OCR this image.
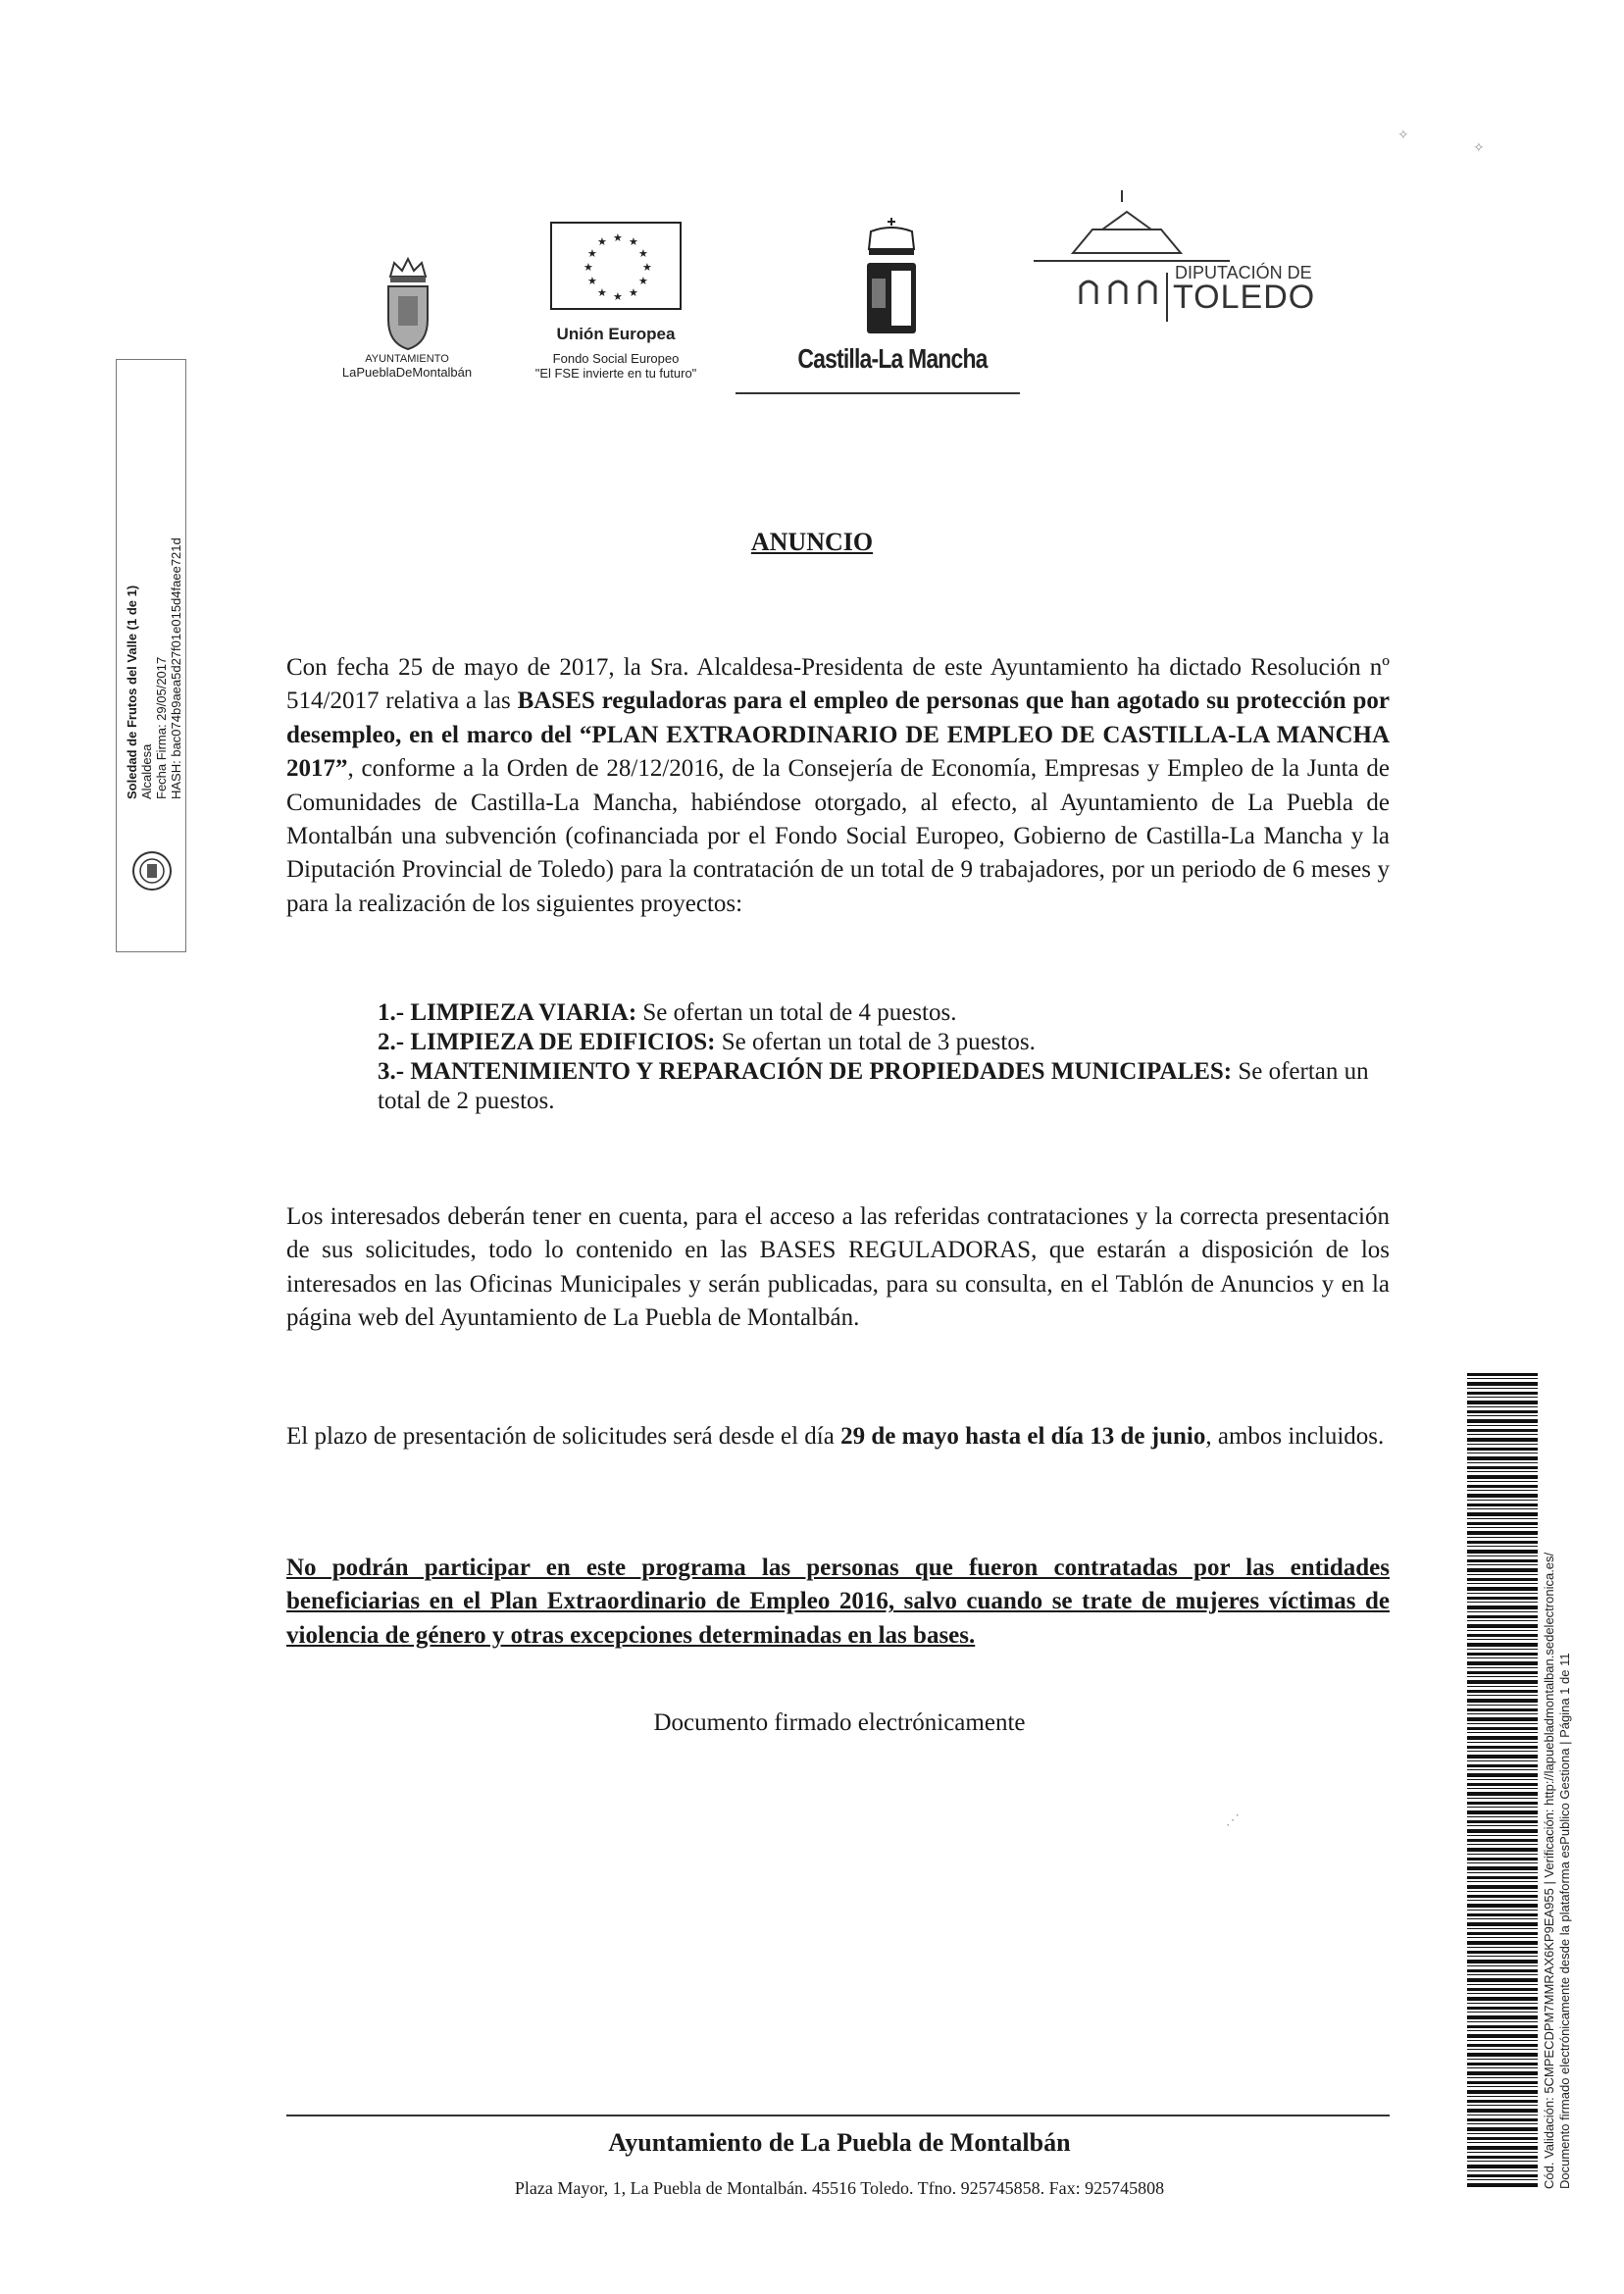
✧
✧
AYUNTAMIENTO
LaPueblaDeMontalbán
★ ★
★
★
★
★
★
★
★
★
★
★
Unión Europea
Fondo Social Europeo
"El FSE invierte en tu futuro"	Castilla-La Mancha
DIPUTACIÓN DE
TOLEDO
Soledad de Frutos del Valle (1 de 1) Alcaldesa Fecha Firma: 29/05/2017 HASH: bac074b9aea5d27f01e015d4faee721d	ANUNCIO
Con fecha 25 de mayo de 2017, la Sra. Alcaldesa-Presidenta de este Ayuntamiento ha dictado Resolución nº 514/2017 relativa a las BASES reguladoras para el empleo de personas que han agotado su protección por desempleo, en el marco del “PLAN EXTRAORDINARIO DE EMPLEO DE CASTILLA-LA MANCHA 2017”, conforme a la Orden de 28/12/2016, de la Consejería de Economía, Empresas y Empleo de la Junta de Comunidades de Castilla-La Mancha, habiéndose otorgado, al efecto, al Ayuntamiento de La Puebla de Montalbán una subvención (cofinanciada por el Fondo Social Europeo, Gobierno de Castilla-La Mancha y la Diputación Provincial de Toledo) para la contratación de un total de 9 trabajadores, por un periodo de 6 meses y para la realización de los siguientes proyectos:
1.- LIMPIEZA VIARIA: Se ofertan un total de 4 puestos.
2.- LIMPIEZA DE EDIFICIOS: Se ofertan un total de 3 puestos.
3.- MANTENIMIENTO Y REPARACIÓN DE PROPIEDADES MUNICIPALES: Se ofertan un total de 2 puestos.
Los interesados deberán tener en cuenta, para el acceso a las referidas contrataciones y la correcta presentación de sus solicitudes, todo lo contenido en las BASES REGULADORAS, que estarán a disposición de los interesados en las Oficinas Municipales y serán publicadas, para su consulta, en el Tablón de Anuncios y en la página web del Ayuntamiento de La Puebla de Montalbán.
El plazo de presentación de solicitudes será desde el día 29 de mayo hasta el día 13 de junio, ambos incluidos.
No podrán participar en este programa las personas que fueron contratadas por las entidades beneficiarias en el Plan Extraordinario de Empleo 2016, salvo cuando se trate de mujeres víctimas de violencia de género y otras excepciones determinadas en las bases.
Documento firmado electrónicamente
⋰	Cód. Validación: 5CMPECDPM7MMRAX6KP9EA955 | Verificación: http://lapuebladmontalban.sedelectronica.es/ Documento firmado electrónicamente desde la plataforma esPublico Gestiona | Página 1 de 11
Ayuntamiento de La Puebla de Montalbán
Plaza Mayor, 1, La Puebla de Montalbán. 45516 Toledo. Tfno. 925745858. Fax: 925745808
